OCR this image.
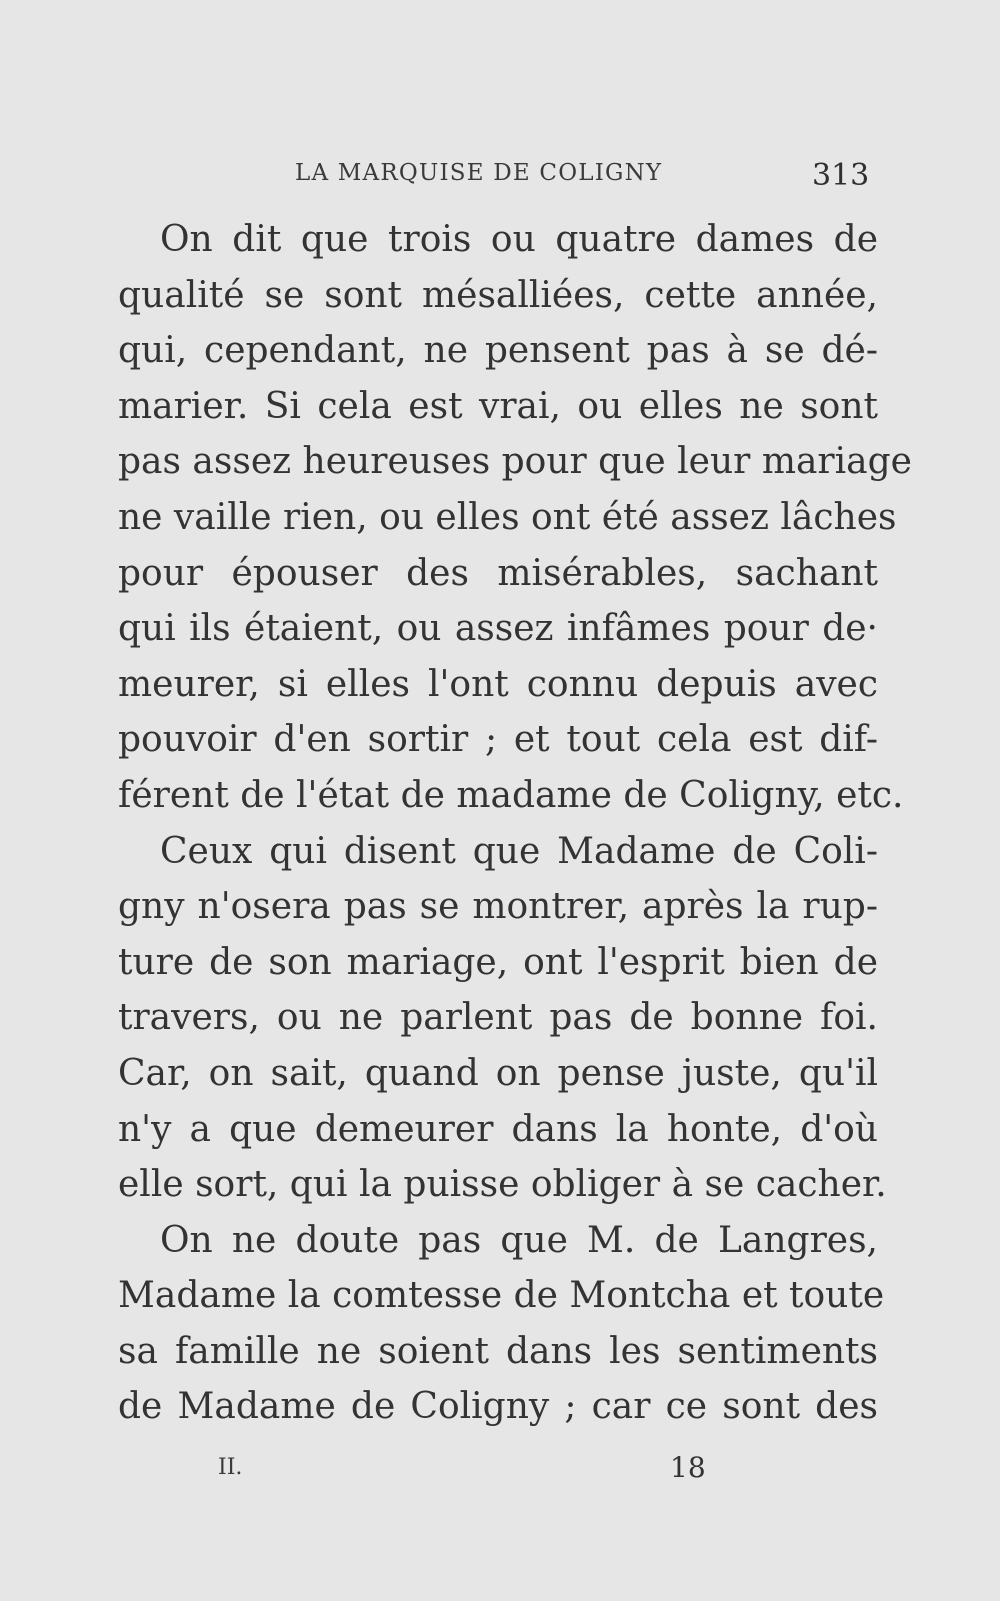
LA MARQUISE DE COLIGNY	313
On dit que trois ou quatre dames de
qualité se sont mésalliées, cette année,
qui, cependant, ne pensent pas à se dé-
marier. Si cela est vrai, ou elles ne sont
pas assez heureuses pour que leur mariage
ne vaille rien, ou elles ont été assez lâches
pour épouser des misérables, sachant
qui ils étaient, ou assez infâmes pour de·
meurer, si elles l'ont connu depuis avec
pouvoir d'en sortir ; et tout cela est dif-
férent de l'état de madame de Coligny, etc.
Ceux qui disent que Madame de Coli-
gny n'osera pas se montrer, après la rup-
ture de son mariage, ont l'esprit bien de
travers, ou ne parlent pas de bonne foi.
Car, on sait, quand on pense juste, qu'il
n'y a que demeurer dans la honte, d'où
elle sort, qui la puisse obliger à se cacher.
On ne doute pas que M. de Langres,
Madame la comtesse de Montcha et toute
sa famille ne soient dans les sentiments
de Madame de Coligny ; car ce sont des
II.	18
